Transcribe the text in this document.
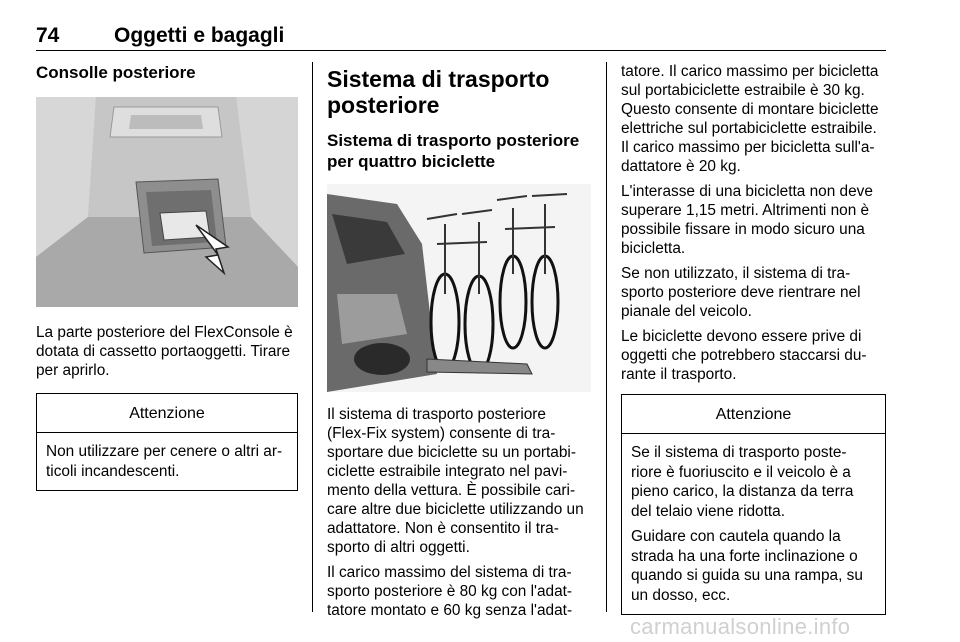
74	Oggetti e bagagli
Consolle posteriore

La parte posteriore del FlexConsole è
dotata di cassetto portaoggetti. Tirare
per aprirlo.

Attenzione

Non utilizzare per cenere o altri ar-
ticoli incandescenti.

Sistema di trasporto
posteriore
Sistema di trasporto posteriore
per quattro biciclette

Il sistema di trasporto posteriore
(Flex-Fix system) consente di tra-
sportare due biciclette su un portabi-
ciclette estraibile integrato nel pavi-
mento della vettura. È possibile cari-
care altre due biciclette utilizzando un
adattatore. Non è consentito il tra-
sporto di altri oggetti.

Il carico massimo del sistema di tra-
sporto posteriore è 80 kg con l'adat-
tatore montato e 60 kg senza l'adat-

tatore. Il carico massimo per bicicletta
sul portabiciclette estraibile è 30 kg.
Questo consente di montare biciclette
elettriche sul portabiciclette estraibile.
Il carico massimo per bicicletta sull'a-
dattatore è 20 kg.

L'interasse di una bicicletta non deve
superare 1,15 metri. Altrimenti non è
possibile fissare in modo sicuro una
bicicletta.

Se non utilizzato, il sistema di tra-
sporto posteriore deve rientrare nel
pianale del veicolo.

Le biciclette devono essere prive di
oggetti che potrebbero staccarsi du-
rante il trasporto.

Attenzione

Se il sistema di trasporto poste-
riore è fuoriuscito e il veicolo è a
pieno carico, la distanza da terra
del telaio viene ridotta.

Guidare con cautela quando la
strada ha una forte inclinazione o
quando si guida su una rampa, su
un dosso, ecc.

carmanualsonline.info
